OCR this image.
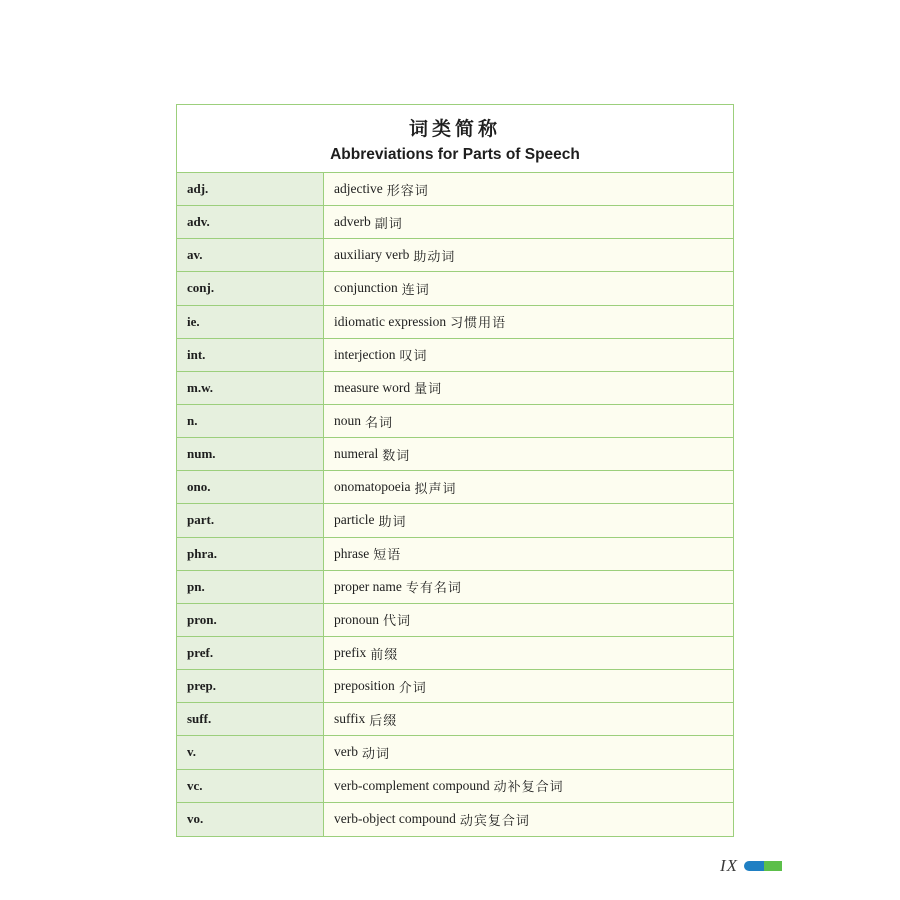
词类简称
Abbreviations for Parts of Speech
adj.	adjective 形容词
adv.	adverb 副词
av.	auxiliary verb 助动词
conj.	conjunction 连词
ie.	idiomatic expression 习惯用语
int.	interjection 叹词
m.w.	measure word 量词
n.	noun 名词
num.	numeral 数词
ono.	onomatopoeia 拟声词
part.	particle 助词
phra.	phrase 短语
pn.	proper name 专有名词
pron.	pronoun 代词
pref.	prefix 前缀
prep.	preposition 介词
suff.	suffix 后缀
v.	verb 动词
vc.	verb-complement compound 动补复合词
vo.	verb-object compound 动宾复合词
IX
